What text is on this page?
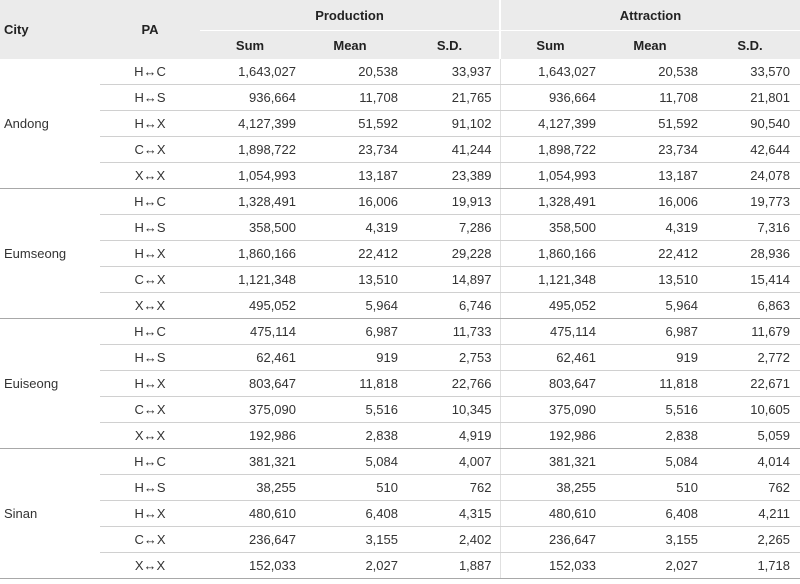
City	PA	Production			Attraction		
		Sum	Mean	S.D.	Sum	Mean	S.D.
Andong	H↔C	1,643,027	20,538	33,937	1,643,027	20,538	33,570
	H↔S	936,664	11,708	21,765	936,664	11,708	21,801
	H↔X	4,127,399	51,592	91,102	4,127,399	51,592	90,540
	C↔X	1,898,722	23,734	41,244	1,898,722	23,734	42,644
	X↔X	1,054,993	13,187	23,389	1,054,993	13,187	24,078
Eumseong	H↔C	1,328,491	16,006	19,913	1,328,491	16,006	19,773
	H↔S	358,500	4,319	7,286	358,500	4,319	7,316
	H↔X	1,860,166	22,412	29,228	1,860,166	22,412	28,936
	C↔X	1,121,348	13,510	14,897	1,121,348	13,510	15,414
	X↔X	495,052	5,964	6,746	495,052	5,964	6,863
Euiseong	H↔C	475,114	6,987	11,733	475,114	6,987	11,679
	H↔S	62,461	919	2,753	62,461	919	2,772
	H↔X	803,647	11,818	22,766	803,647	11,818	22,671
	C↔X	375,090	5,516	10,345	375,090	5,516	10,605
	X↔X	192,986	2,838	4,919	192,986	2,838	5,059
Sinan	H↔C	381,321	5,084	4,007	381,321	5,084	4,014
	H↔S	38,255	510	762	38,255	510	762
	H↔X	480,610	6,408	4,315	480,610	6,408	4,211
	C↔X	236,647	3,155	2,402	236,647	3,155	2,265
	X↔X	152,033	2,027	1,887	152,033	2,027	1,718
